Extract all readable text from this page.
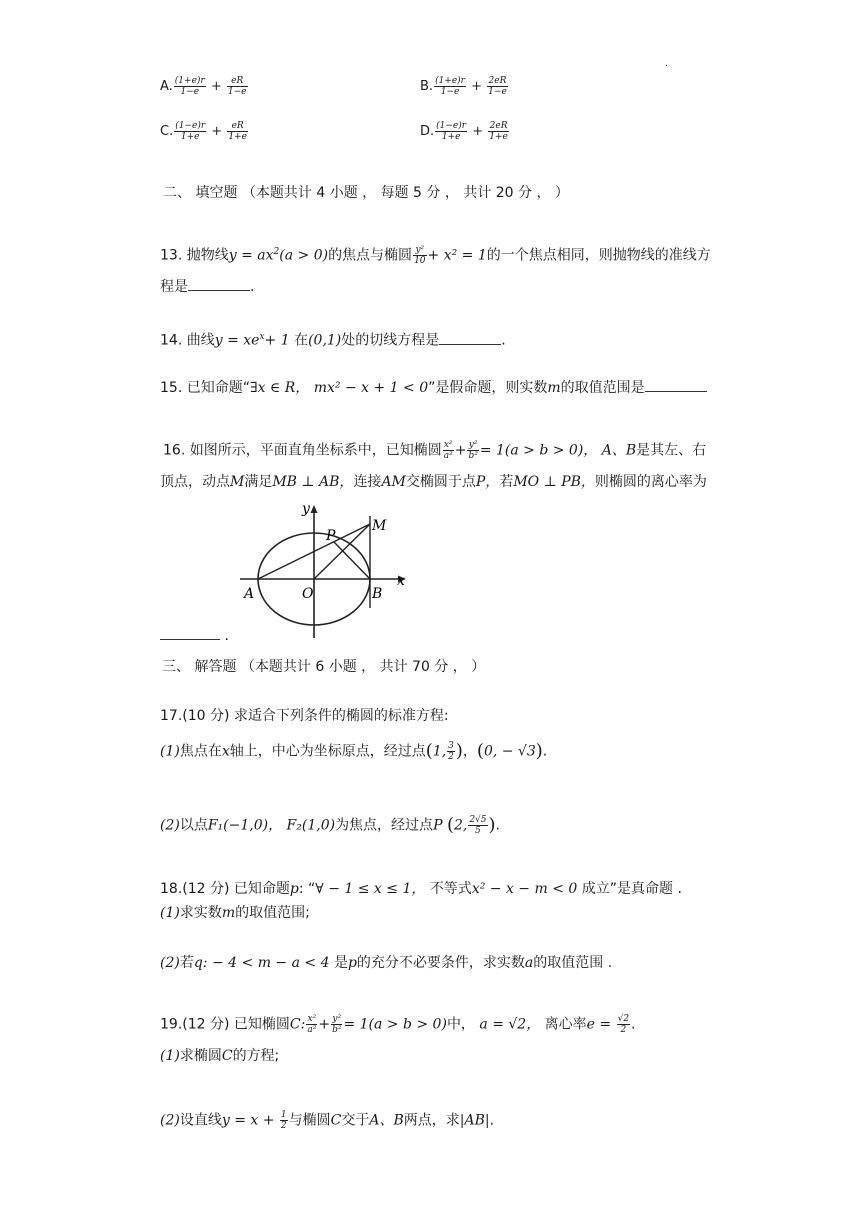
.
A. $\frac{(1+e)r}{1-e} + \frac{eR}{1-e}$	B. $\frac{(1+e)r}{1-e} + \frac{2eR}{1-e}$
C. $\frac{(1-e)r}{1+e} + \frac{eR}{1+e}$	D. $\frac{(1-e)r}{1+e} + \frac{2eR}{1+e}$
二、 填空题 （本题共计 4 小题 ， 每题 5 分 ， 共计 20 分 ， ）
13. 抛物线$y = ax^2(a > 0)$的焦点与椭圆 $\frac{\text{y²}}{10} + x^2 = 1$的一个焦点相同，则抛物线的准线方
程是	.
14. 曲线$y = xe^x+ 1$ 在(0,1)处的切线方程是	.
15. 已知命题“∃x ∈ R， mx² − x + 1 < 0”是假命题，则实数m的取值范围是
16. 如图所示，平面直角坐标系中，已知椭圆 $\frac{\text{x²}}{\text{a²}} + \frac{\text{y²}}{\text{b²}} = 1(a > b > 0)$， A、B是其左、右
顶点，动点M满足MB ⊥ AB，连接AM交椭圆于点P，若MO ⊥ PB，则椭圆的离心率为
y
x
P
M
A	O	B
.
三、 解答题 （本题共计 6 小题 ， 共计 70 分 ， ）
17.(10 分) 求适合下列条件的椭圆的标准方程:
(1)焦点在x轴上，中心为坐标原点，经过点(1, $\frac{3}{2}$ )，(0, − √3).
(2)以点F₁(−1,0)， F₂(1,0)为焦点，经过点P (2, $\frac{2√5}{5}$ ).
18.(12 分) 已知命题p: “∀ − 1 ≤ x ≤ 1， 不等式x² − x − m < 0 成立”是真命题 .
(1)求实数m的取值范围;
(2)若q: − 4 < m − a < 4 是p的充分不必要条件，求实数a的取值范围 .
19.(12 分) 已知椭圆C: $\frac{\text{x²}}{\text{a²}} + \frac{\text{y²}}{\text{b²}} = 1(a > b > 0)$中， a = √2， 离心率$e = \frac{√2}{2}$ .
(1)求椭圆C的方程;
(2)设直线$y = x + \frac{1}{2}$ 与椭圆C交于A、B两点，求|AB|.
